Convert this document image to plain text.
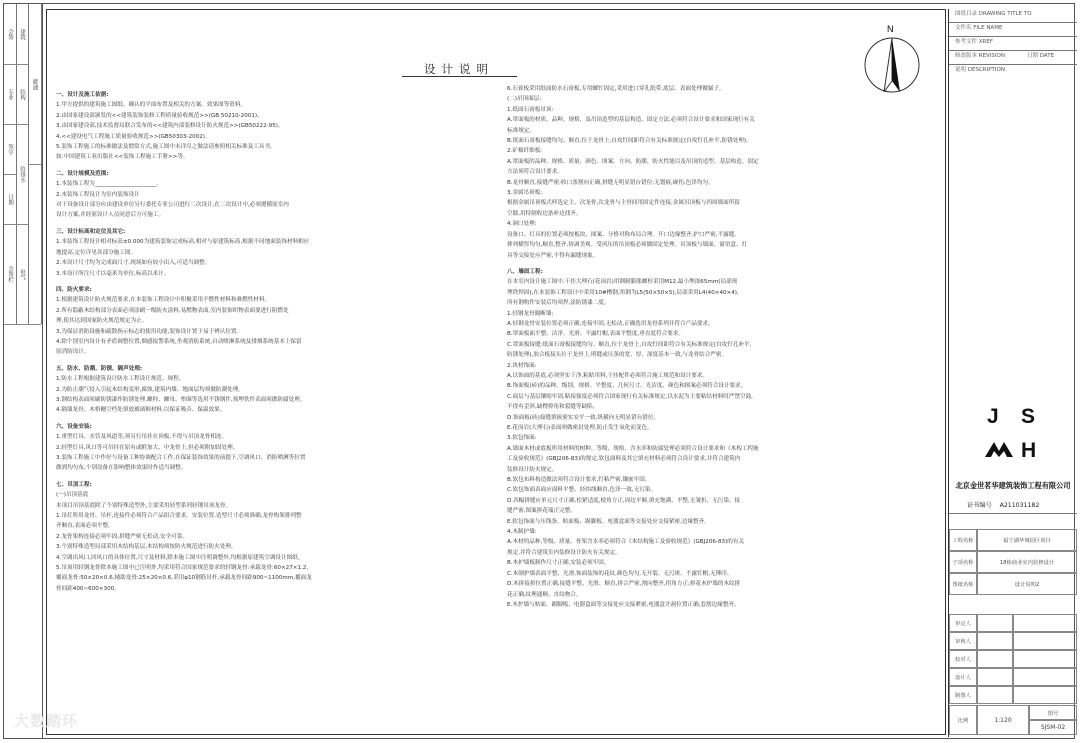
会签
专业
签字
日期
会签栏
建筑
结构
给排水
电气
暖通
设计说明

一、设计及施工依据:

1.甲方提供的建筑施工图纸、确认的平面布置及相关的方案、效果图等资料。

2.由国家建设部颁发的<<建筑装饰装修工程质量验收规范>>(GB 50210-2001)。

3.由国家建设部,技术监督局联合发布的<<建筑内部装修设计防火规范>>(GB50222-95)。

4.<<建设电气工程施工质量验收规范>>(GB50303-2002)。

5.装饰工程施工的标准做法及惯常方式,施工图中未详尽之做法请参照相关标准及工具书,

如:中国建筑工业出版社<<装饰工程施工手册>>等。

二、设计规模及范围:

1.本装饰工程为______________________。

2.本装饰工程设计为室内装饰设计

对于设备设计部分应由建设单位另行委托专业公司进行二次设计,在二次设计中,必须遵循原室内

设计方案,并经原设计人员同意后方可施工。

三、设计标高和定位及其它:

1.本装饰工程设计相对标高±0.000为建筑装饰完成标高,相对与原建筑标高,根据不同地面装饰材料相应

地提高,定位详见各部分施工图。

2.本设计尺寸均为完成面尺寸,现场如有较小出入,可适当调整。

3.本设计所注尺寸以毫米为单位,标高以米计。

四、防火要求:

1.根据建筑设计防火规范要求,在本装饰工程设计中积极采用不燃性材料和难燃性材料。

2.所有隐蔽木结构部分表面必须涂刷一级防火涂料,易燃物表面,室内装饰织物表面要进行阻燃处

理,使其达到国家防火规范规定为止。

3.为保证消防设施和疏散指示标志的使用功能,装饰设计置于易于辨认位置。

4.除个别室内设计有矛盾调整位置,烟感报警系统,坐观消防系统,自动喷淋系统及排烟系统基本上保留

原消防设计。

五、防水、防潮、防锈、隔声处理:

1.防水工程根据建筑设计防水工程设计规范、规程。

2.为防止潮气侵入引起木结构变形,腐蚀,建筑内墙、地面层均须做防潮处理。

3.钢结构表面须刷防锈漆作防锈处理,螺栓、螺母、垫圈等选用不锈钢件,预埋铁件表面须做防腐处理。

4.隔墙龙骨、木格栅空档处填放玻璃棉材料,以保证吸音、保温效果。

六、设备安装:

1.重型灯具、水管及风道等,须另行吊挂在顶板,不得与吊顶龙骨相连。

2.轻型灯具,风口等可吊挂在原有或附加大、中龙骨上,但必须附加固处理。

3.装饰工程施工中作好与设备工种协调配合工作,在保证装饰效果的前提下,空调风口、消防喷淋等位置

做到均匀布,个别设备在影响整体效果时作适当调整。

七、吊顶工程:

(一)吊顶基底

本项目吊顶基底除了个别特殊造型外,主要采用轻型系列轻钢吊顶龙骨。

1.吊灯所用龙骨、吊杆,连接件必须符合产品组合要求。安装位置,造型尺寸必须准确,龙骨构架排列整

齐顺直,表面必须平整。

2.龙骨架构连接必须牢固,拼缝严密无松动,安全可靠。

3.个别特殊造型局部采用木结构基层,木结构须按防火规范进行防火处理。

4.空调出风口,回风口的具体位置,尺寸及材料,除本施工图中注明调整外,均根据原建筑空调设计图纸。

5.吊顶用轻钢龙骨除本施工图中已注明外,均采用符合国家规范要求的轻钢龙骨:承载龙骨:60×27×1.2,

覆面龙骨:50×20×0.6,辅助龙骨:25×20×0.6,采用φ10钢筋吊杆,承载龙骨间距900~1100mm,覆面龙

骨间距400~600×300。

6.石膏板采用纸面防水石膏板,专用螺钉固定,采用进口穿孔纸带,底层、表面处理做腻子。

(二)吊顶面层:

1.纸面石膏板吊顶:

A.罩面板的材质、品种、规格、及吊顶造型的基层构造、固定方法,必须符合设计要求和国家现行有关

标准规定。

B.纸面石膏板接缝均匀、顺直,位于龙骨上,自攻钉间距符合有关标准规定(自攻钉孔补平,防锈处理)。

2.矿棉纤维板:

A.罩面板的品种、规格、质量、颜色、图案、方向、防潮、防火性能以及吊顶的造型、基层构造、固定

方法须符合设计要求。

B.龙骨顺直,接缝严密;收口条割向正确,拼缝无明显错台错位;无划痕,碰伤,色泽均匀。

3.金属吊顶板:

根据金属吊顶板式样选定主、次龙骨,次龙骨与主骨间用固定件连接,金属吊顶板与四周墙面所留

空隙,用特制收边条补边找齐。

4.洞口处理:

设备口、灯具的位置必须按板块、图案、分格对称布局合理。开口边缘整齐,护口严密,不露缝,

排列横竖均匀,顺直,整齐,协调美观。受风压的吊顶板必须做固定处理。吊顶板与墙面、窗帘盒、灯

具等交接处应严密,不得有漏缝现象。

八、墙面工程:

在本室内设计施工图中,干挂大理石(花岗岩)用钢制膨胀螺栓采用M12,最小埋深65mm(局部预

埋铁焊固),在本装饰工程设计中采用10#槽钢,角钢为L5(50×50×5),局部采用L4(40×40×4),

所有钢构件安装后均须焊,涂防锈漆二度。

1.轻钢龙骨隔断墙:

A.轻钢龙骨安装位置必须正确,连接牢固,无松动,正确选用龙骨系列并符合产品要求。

B.罩面板面平整、洁净、光滑、不露钉帽,表面平整度,垂直度符合要求。

C.罩面板接缝:纸面石膏板接缝均匀、顺直,位于龙骨上,自攻钉间距符合有关标准规定(自攻钉孔补平,

防锈处理),胶合板接头位于龙骨上,明缝或压条的宽、厚、深度基本一致,与龙骨结合严密。

2.块材饰面:

A.以饰面的基底,必须坚实干净,粘贴用料,干挂配件必须符合施工规范和设计要求。

B.饰面板(砖)的品种、级别、规格、平整度、几何尺寸、光洁度、颜色和图案必须符合设计要求。

C.面层与基层镶贴牢固,粘接强度必须符合国家现行有关标准规定,以水泥为主要粘结材料时严禁空鼓,

不得有歪斜,缺楞掉角和裂缝等缺陷。

D.饰面板(砖)接缝填嵌密实安平一致,纵横向无明显错台错位。

E.花岗岩(大理石)表面须做密封处理,防止发生氧化而变色。

3.软包饰面:

A.墙面木材或底板所用材料的树种、等级、规格、含水率和防腐处理必须符合设计要求和《木构工程施

工及验收规范》(GBJ206-83)的规定,软包面料及其它填充材料必须符合设计要求,并符合建筑内

装修设计防火规定。

B.软包布料构造做法须符合设计要求,钉粘严密,镶嵌牢固。

C.软包饰面表面应面料平整、经纬线顺直,色泽一致,无污染。

D.各幅拼缝应单元尺寸正确,松紧适度,棱角方正,周边平顺,填充饱满、平整,无皱折、无污染、接

缝严密,图案拼花端正完整。

E.软包饰面与压线条、贴面板、踢脚板、电器盒面等交接处应交接紧密,边缘整齐。

4.木制护墙:

A.木材的品种,等级、质量、骨架含水率必须符合《木结构施工及验收规范》(GBJ206-83)的有关

规定,并符合建筑室内装修设计防火有关规定。

B.木护墙板制作尺寸正确,安装必须牢固。

C.木制护墙表面平整、光滑,饰面装饰的花纹,颜色均匀,无开裂、无污斑、不露钉帽,无锤印。

D.木拼接拼位置正确,接缝平整、光滑、顺直,拼合严密,割向整齐,拐角方正;拼花木护墙的木纹拼

花正确,纹理通顺、直纹吻合。

E.木护墙与贴面、踢脚板、电器盒面等交接处应交接紧密,电器盒开洞位置正确,套割边缘整齐。

N
图纸目录 DRAWING TITLE TO
文件名 FILE NAME
参考文件 XREF
修改版本 REVISION	日期 DATE
说明 DESCRIPTION
J S
H
北京金世茗华建筑装饰工程有限公司
证书编号 A211031182
工程名称	福宁湖华城园区项目
子项名称	18栋商业室内装修设计
图纸名称	设计说明2
审定人
审核人
校对人
设计人
制图人
比例	1:120
图号
SJSM-02
大数踏环
